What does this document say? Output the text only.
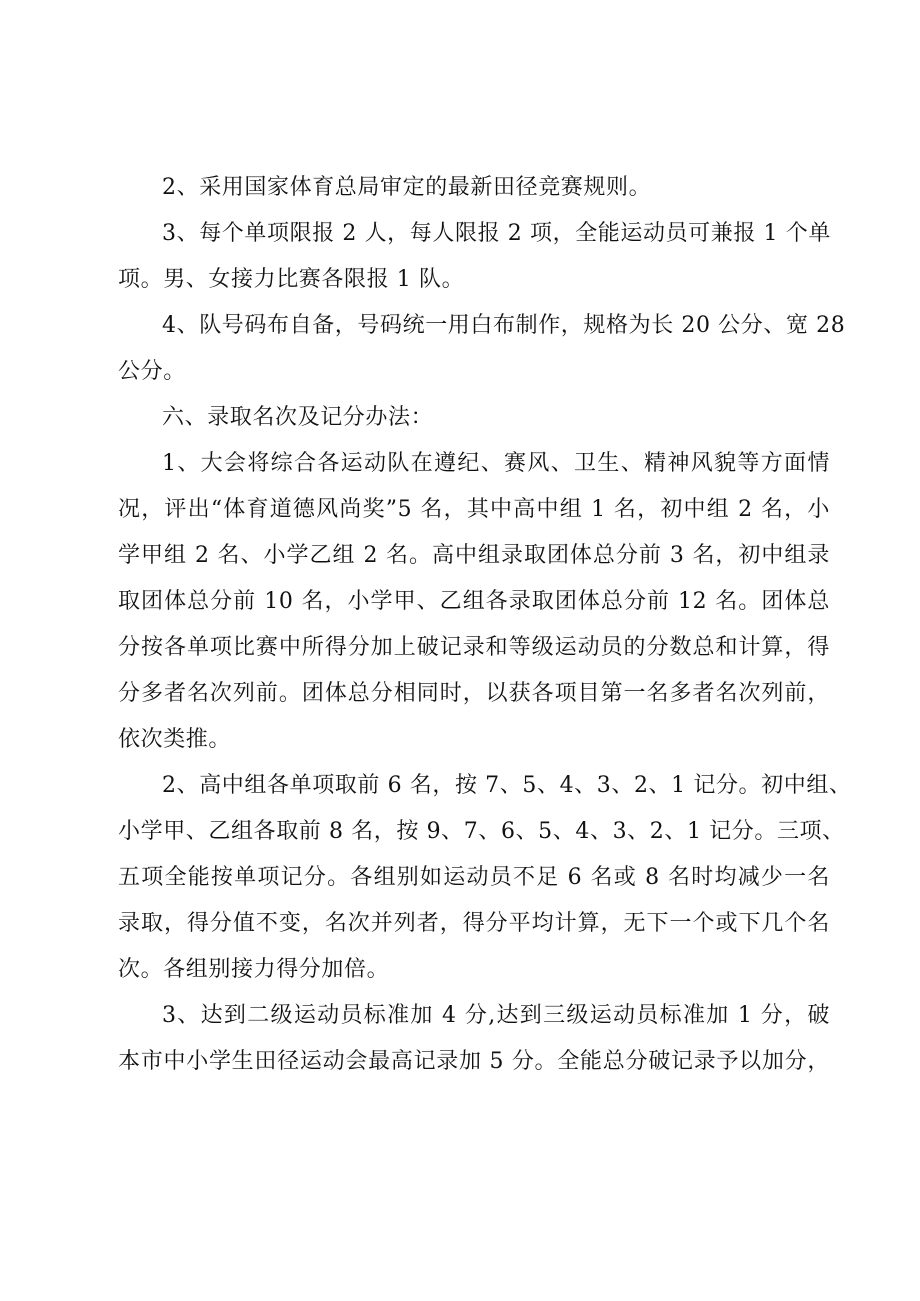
2、采用国家体育总局审定的最新田径竞赛规则。
3、每个单项限报 2 人，每人限报 2 项，全能运动员可兼报 1 个单
项。男、女接力比赛各限报 1 队。
4、队号码布自备，号码统一用白布制作，规格为长 20 公分、宽 28
公分。
六、录取名次及记分办法：
1、大会将综合各运动队在遵纪、赛风、卫生、精神风貌等方面情
况，评出“体育道德风尚奖”5 名，其中高中组 1 名，初中组 2 名，小
学甲组 2 名、小学乙组 2 名。高中组录取团体总分前 3 名，初中组录
取团体总分前 10 名，小学甲、乙组各录取团体总分前 12 名。团体总
分按各单项比赛中所得分加上破记录和等级运动员的分数总和计算，得
分多者名次列前。团体总分相同时，以获各项目第一名多者名次列前，
依次类推。
2、高中组各单项取前 6 名，按 7、5、4、3、2、1 记分。初中组、
小学甲、乙组各取前 8 名，按 9、7、6、5、4、3、2、1 记分。三项、
五项全能按单项记分。各组别如运动员不足 6 名或 8 名时均减少一名
录取，得分值不变，名次并列者，得分平均计算，无下一个或下几个名
次。各组别接力得分加倍。
3、达到二级运动员标准加 4 分,达到三级运动员标准加 1 分，破
本市中小学生田径运动会最高记录加 5 分。全能总分破记录予以加分，
